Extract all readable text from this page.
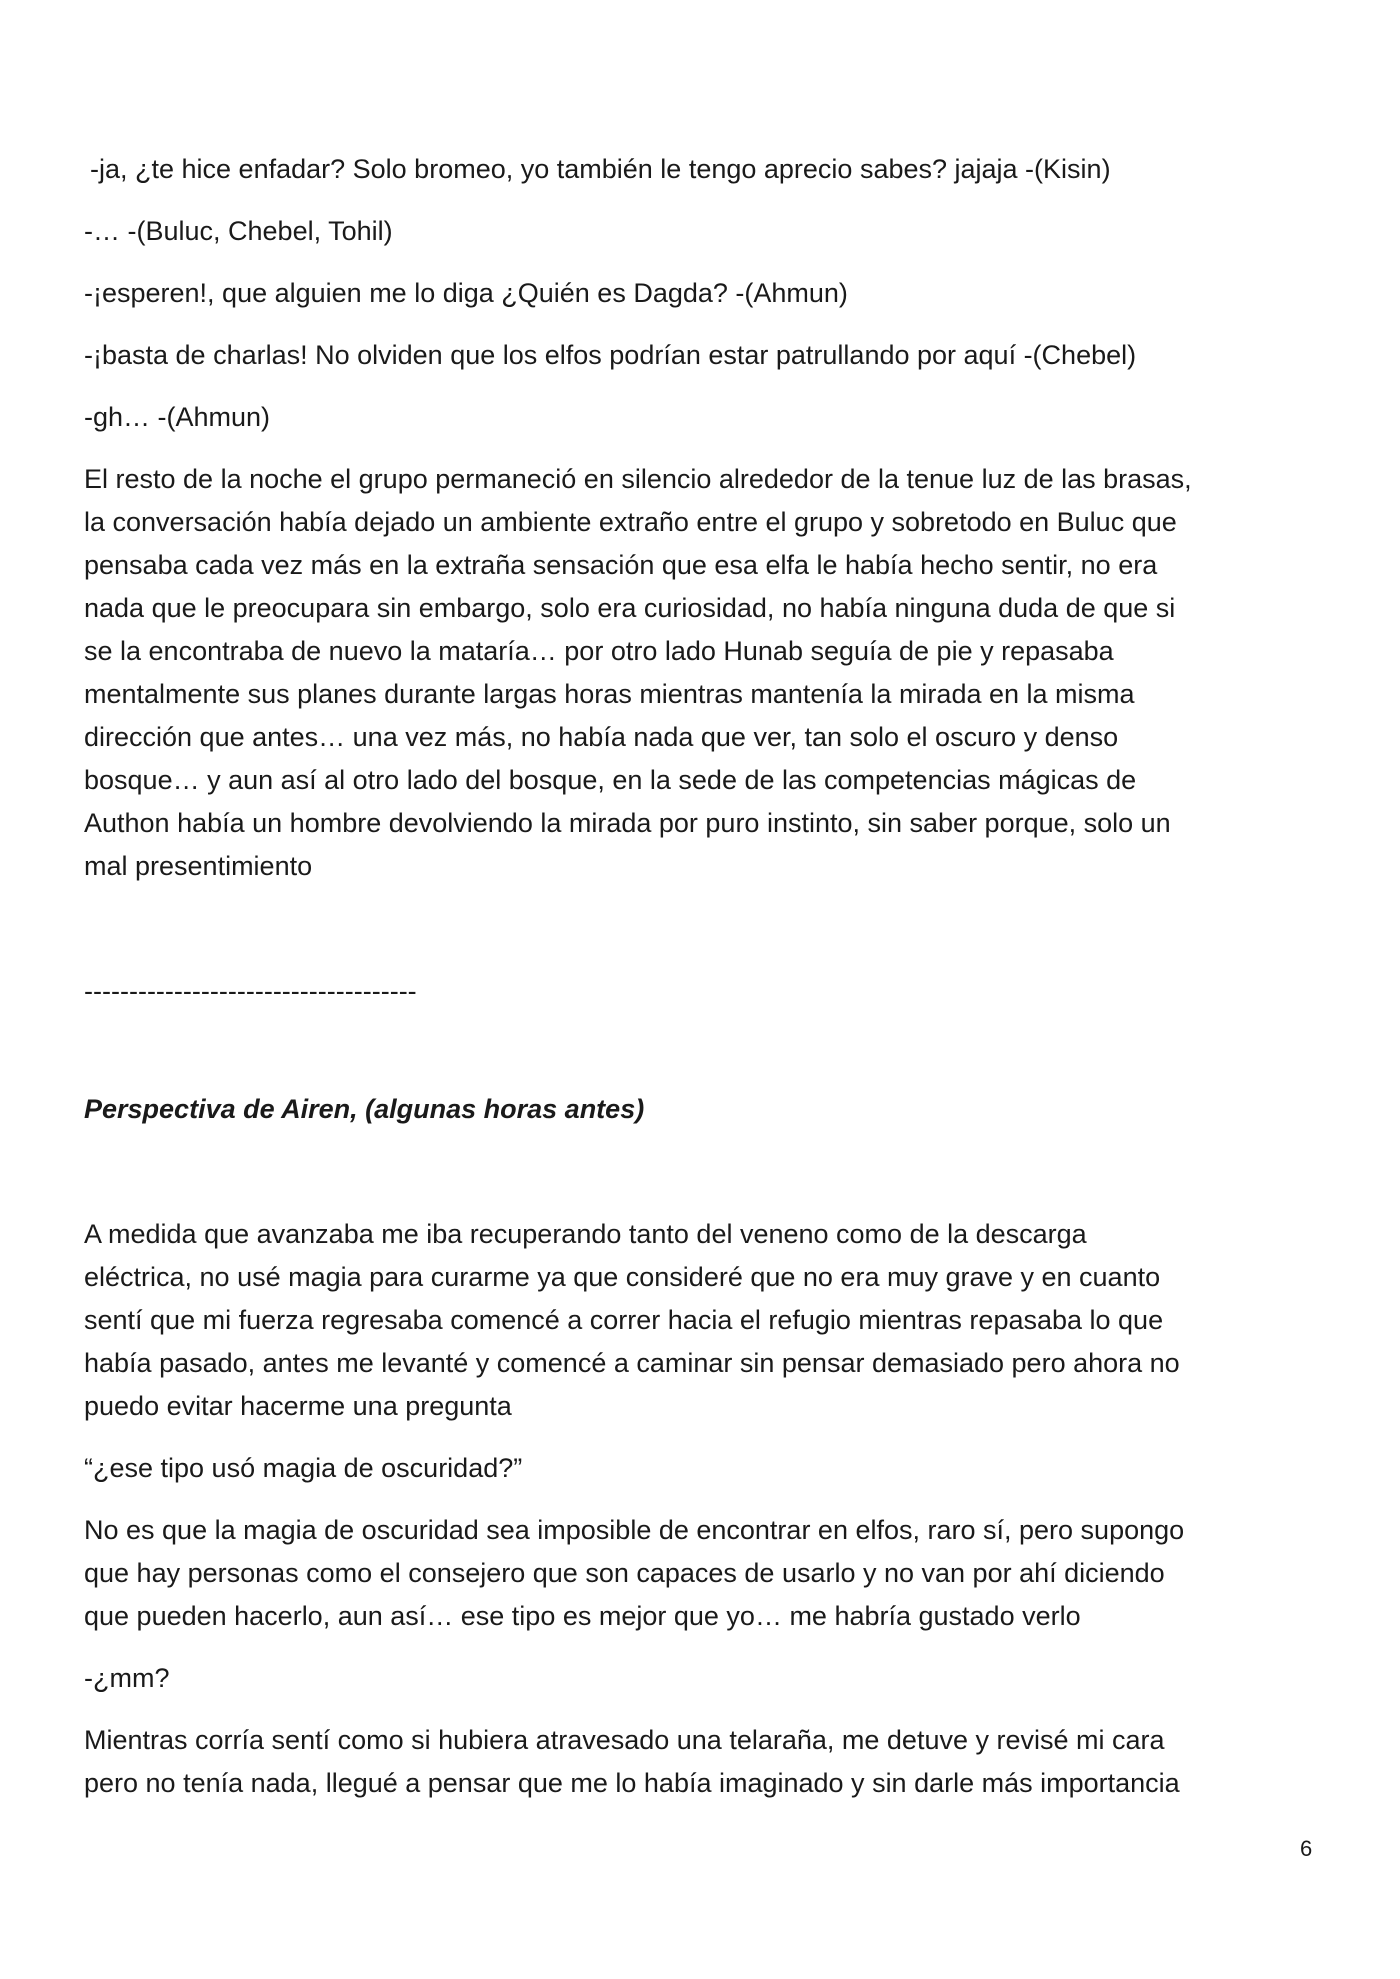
-ja, ¿te hice enfadar? Solo bromeo, yo también le tengo aprecio sabes? jajaja -(Kisin)

-… -(Buluc, Chebel, Tohil)

-¡esperen!, que alguien me lo diga ¿Quién es Dagda? -(Ahmun)

-¡basta de charlas! No olviden que los elfos podrían estar patrullando por aquí -(Chebel)

-gh… -(Ahmun)

El resto de la noche el grupo permaneció en silencio alrededor de la tenue luz de las brasas,
la conversación había dejado un ambiente extraño entre el grupo y sobretodo en Buluc que
pensaba cada vez más en la extraña sensación que esa elfa le había hecho sentir, no era
nada que le preocupara sin embargo, solo era curiosidad, no había ninguna duda de que si
se la encontraba de nuevo la mataría… por otro lado Hunab seguía de pie y repasaba
mentalmente sus planes durante largas horas mientras mantenía la mirada en la misma
dirección que antes… una vez más, no había nada que ver, tan solo el oscuro y denso
bosque… y aun así al otro lado del bosque, en la sede de las competencias mágicas de
Authon había un hombre devolviendo la mirada por puro instinto, sin saber porque, solo un
mal presentimiento

-------------------------------------

Perspectiva de Airen, (algunas horas antes)

A medida que avanzaba me iba recuperando tanto del veneno como de la descarga
eléctrica, no usé magia para curarme ya que consideré que no era muy grave y en cuanto
sentí que mi fuerza regresaba comencé a correr hacia el refugio mientras repasaba lo que
había pasado, antes me levanté y comencé a caminar sin pensar demasiado pero ahora no
puedo evitar hacerme una pregunta

“¿ese tipo usó magia de oscuridad?”

No es que la magia de oscuridad sea imposible de encontrar en elfos, raro sí, pero supongo
que hay personas como el consejero que son capaces de usarlo y no van por ahí diciendo
que pueden hacerlo, aun así… ese tipo es mejor que yo… me habría gustado verlo

-¿mm?

Mientras corría sentí como si hubiera atravesado una telaraña, me detuve y revisé mi cara
pero no tenía nada, llegué a pensar que me lo había imaginado y sin darle más importancia

6
